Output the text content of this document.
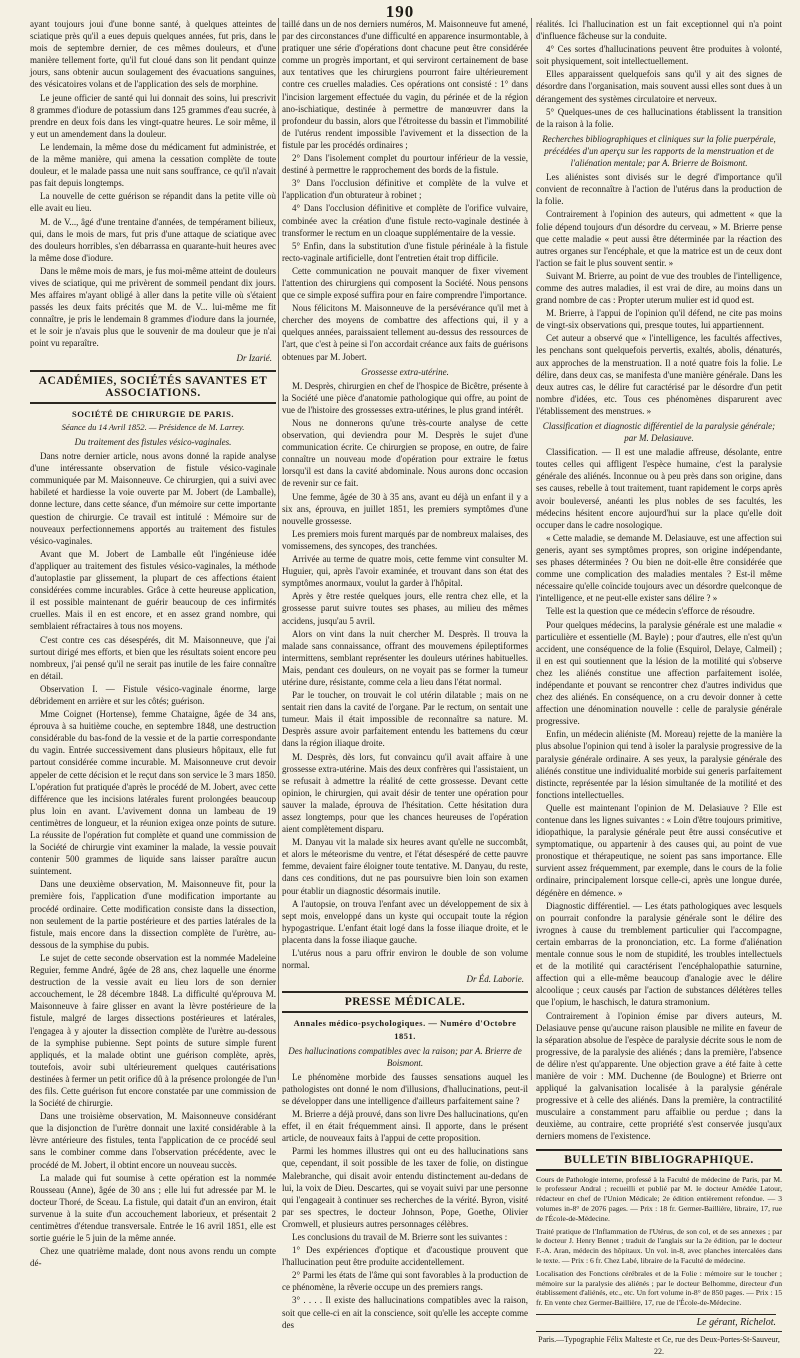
190

ayant toujours joui d'une bonne santé, à quelques atteintes de sciatique près qu'il a eues depuis quelques années, fut pris, dans le mois de septembre dernier, de ces mêmes douleurs, et d'une manière tellement forte, qu'il fut cloué dans son lit pendant quinze jours, sans obtenir aucun soulagement des évacuations sanguines, des vésicatoires volans et de l'application des sels de morphine.

Le jeune officier de santé qui lui donnait des soins, lui prescrivit 8 grammes d'iodure de potassium dans 125 grammes d'eau sucrée, à prendre en deux fois dans les vingt-quatre heures. Le soir même, il y eut un amendement dans la douleur.

Le lendemain, la même dose du médicament fut administrée, et de la même manière, qui amena la cessation complète de toute douleur, et le malade passa une nuit sans souffrance, ce qu'il n'avait pas fait depuis longtemps.

La nouvelle de cette guérison se répandit dans la petite ville où elle avait eu lieu.

M. de V..., âgé d'une trentaine d'années, de tempérament bilieux, qui, dans le mois de mars, fut pris d'une attaque de sciatique avec des douleurs horribles, s'en débarrassa en quarante-huit heures avec la même dose d'iodure.

Dans le même mois de mars, je fus moi-même atteint de douleurs vives de sciatique, qui me privèrent de sommeil pendant dix jours. Mes affaires m'ayant obligé à aller dans la petite ville où s'étaient passés les deux faits précités que M. de V... lui-même me fit connaître, je pris le lendemain 8 grammes d'iodure dans la journée, et le soir je n'avais plus que le souvenir de ma douleur que je n'ai point vu reparaître.

Dr Izarié.
ACADÉMIES, SOCIÉTÉS SAVANTES ET ASSOCIATIONS.
SOCIÉTÉ DE CHIRURGIE DE PARIS.
Séance du 14 Avril 1852. — Présidence de M. Larrey.
Du traitement des fistules vésico-vaginales.

Dans notre dernier article, nous avons donné la rapide analyse d'une intéressante observation de fistule vésico-vaginale communiquée par M. Maisonneuve. Ce chirurgien, qui a suivi avec habileté et hardiesse la voie ouverte par M. Jobert (de Lamballe), donne lecture, dans cette séance, d'un mémoire sur cette importante question de chirurgie. Ce travail est intitulé : Mémoire sur de nouveaux perfectionnemens apportés au traitement des fistules vésico-vaginales.

Avant que M. Jobert de Lamballe eût l'ingénieuse idée d'appliquer au traitement des fistules vésico-vaginales, la méthode d'autoplastie par glissement, la plupart de ces affections étaient considérées comme incurables. Grâce à cette heureuse application, il est possible maintenant de guérir beaucoup de ces infirmités cruelles. Mais il en est encore, et en assez grand nombre, qui semblaient réfractaires à tous nos moyens.

C'est contre ces cas désespérés, dit M. Maisonneuve, que j'ai surtout dirigé mes efforts, et bien que les résultats soient encore peu nombreux, j'ai pensé qu'il ne serait pas inutile de les faire connaître en détail.

Observation I. — Fistule vésico-vaginale énorme, large débridement en arrière et sur les côtés; guérison.

Mme Coignet (Hortense), femme Chataigne, âgée de 34 ans, éprouva à sa huitième couche, en septembre 1848, une destruction considérable du bas-fond de la vessie et de la partie correspondante du vagin. Entrée successivement dans plusieurs hôpitaux, elle fut partout considérée comme incurable. M. Maisonneuve crut devoir appeler de cette décision et le reçut dans son service le 3 mars 1850. L'opération fut pratiquée d'après le procédé de M. Jobert, avec cette différence que les incisions latérales furent prolongées beaucoup plus loin en avant. L'avivement donna un lambeau de 19 centimètres de longueur, et la réunion exigea onze points de suture. La réussite de l'opération fut complète et quand une commission de la Société de chirurgie vint examiner la malade, la vessie pouvait contenir 500 grammes de liquide sans laisser paraître aucun suintement.

Dans une deuxième observation, M. Maisonneuve fit, pour la première fois, l'application d'une modification importante au procédé ordinaire. Cette modification consiste dans la dissection, non seulement de la partie postérieure et des parties latérales de la fistule, mais encore dans la dissection complète de l'urètre, au-dessous de la symphise du pubis.

Le sujet de cette seconde observation est la nommée Madeleine Reguier, femme André, âgée de 28 ans, chez laquelle une énorme destruction de la vessie avait eu lieu lors de son dernier accouchement, le 28 décembre 1848. La difficulté qu'éprouva M. Maisonneuve à faire glisser en avant la lèvre postérieure de la fistule, malgré de larges dissections postérieures et latérales, l'engagea à y ajouter la dissection complète de l'urètre au-dessous de la symphise pubienne. Sept points de suture simple furent appliqués, et la malade obtint une guérison complète, après, toutefois, avoir subi ultérieurement quelques cautérisations destinées à fermer un petit orifice dû à la présence prolongée de l'un des fils. Cette guérison fut encore constatée par une commission de la Société de chirurgie.

Dans une troisième observation, M. Maisonneuve considérant que la disjonction de l'urètre donnait une laxité considérable à la lèvre antérieure des fistules, tenta l'application de ce procédé seul sans le combiner comme dans l'observation précédente, avec le procédé de M. Jobert, il obtint encore un nouveau succès.

La malade qui fut soumise à cette opération est la nommée Rousseau (Anne), âgée de 30 ans ; elle lui fut adressée par M. le docteur Thoré, de Sceau. La fistule, qui datait d'un an environ, était survenue à la suite d'un accouchement laborieux, et présentait 2 centimètres d'étendue transversale. Entrée le 16 avril 1851, elle est sortie guérie le 5 juin de la même année.

Chez une quatrième malade, dont nous avons rendu un compte dé-

taillé dans un de nos derniers numéros, M. Maisonneuve fut amené, par des circonstances d'une difficulté en apparence insurmontable, à pratiquer une série d'opérations dont chacune peut être considérée comme un progrès important, et qui serviront certainement de base aux tentatives que les chirurgiens pourront faire ultérieurement contre ces cruelles maladies. Ces opérations ont consisté : 1° dans l'incision largement effectuée du vagin, du périnée et de la région ano-ischiatique, destinée à permettre de manœuvrer dans la profondeur du bassin, alors que l'étroitesse du bassin et l'immobilité de l'utérus rendent impossible l'avivement et la dissection de la fistule par les procédés ordinaires ;

2° Dans l'isolement complet du pourtour inférieur de la vessie, destiné à permettre le rapprochement des bords de la fistule.

3° Dans l'occlusion définitive et complète de la vulve et l'application d'un obturateur à robinet ;

4° Dans l'occlusion définitive et complète de l'orifice vulvaire, combinée avec la création d'une fistule recto-vaginale destinée à transformer le rectum en un cloaque supplémentaire de la vessie.

5° Enfin, dans la substitution d'une fistule périnéale à la fistule recto-vaginale artificielle, dont l'entretien était trop difficile.

Cette communication ne pouvait manquer de fixer vivement l'attention des chirurgiens qui composent la Société. Nous pensons que ce simple exposé suffira pour en faire comprendre l'importance.

Nous félicitons M. Maisonneuve de la persévérance qu'il met à chercher des moyens de combattre des affections qui, il y a quelques années, paraissaient tellement au-dessus des ressources de l'art, que c'est à peine si l'on accordait créance aux faits de guérisons obtenues par M. Jobert.

Grossesse extra-utérine.

M. Desprès, chirurgien en chef de l'hospice de Bicêtre, présente à la Société une pièce d'anatomie pathologique qui offre, au point de vue de l'histoire des grossesses extra-utérines, le plus grand intérêt.

Nous ne donnerons qu'une très-courte analyse de cette observation, qui deviendra pour M. Desprès le sujet d'une communication écrite. Ce chirurgien se propose, en outre, de faire connaître un nouveau mode d'opération pour extraire le fœtus lorsqu'il est dans la cavité abdominale. Nous aurons donc occasion de revenir sur ce fait.

Une femme, âgée de 30 à 35 ans, avant eu déjà un enfant il y a six ans, éprouva, en juillet 1851, les premiers symptômes d'une nouvelle grossesse.

Les premiers mois furent marqués par de nombreux malaises, des vomissemens, des syncopes, des tranchées.

Arrivée au terme de quatre mois, cette femme vint consulter M. Huguier, qui, après l'avoir examinée, et trouvant dans son état des symptômes anormaux, voulut la garder à l'hôpital.

Après y être restée quelques jours, elle rentra chez elle, et la grossesse parut suivre toutes ses phases, au milieu des mêmes accidens, jusqu'au 5 avril.

Alors on vint dans la nuit chercher M. Desprès. Il trouva la malade sans connaissance, offrant des mouvemens épileptiformes intermittens, semblant représenter les douleurs utérines habituelles. Mais, pendant ces douleurs, on ne voyait pas se former la tumeur utérine dure, résistante, comme cela a lieu dans l'état normal.

Par le toucher, on trouvait le col utérin dilatable ; mais on ne sentait rien dans la cavité de l'organe. Par le rectum, on sentait une tumeur. Mais il était impossible de reconnaître sa nature. M. Desprès assure avoir parfaitement entendu les battemens du cœur dans la région iliaque droite.

M. Desprès, dès lors, fut convaincu qu'il avait affaire à une grossesse extra-utérine. Mais des deux confrères qui l'assistaient, un se refusait à admettre la réalité de cette grossesse. Devant cette opinion, le chirurgien, qui avait désir de tenter une opération pour sauver la malade, éprouva de l'hésitation. Cette hésitation dura assez longtemps, pour que les chances heureuses de l'opération aient complètement disparu.

M. Danyau vit la malade six heures avant qu'elle ne succombât, et alors le méteorisme du ventre, et l'état désespéré de cette pauvre femme, devaient faire éloigner toute tentative. M. Danyau, du reste, dans ces conditions, dut ne pas poursuivre bien loin son examen pour établir un diagnostic désormais inutile.

A l'autopsie, on trouva l'enfant avec un développement de six à sept mois, enveloppé dans un kyste qui occupait toute la région hypogastrique. L'enfant était logé dans la fosse iliaque droite, et le placenta dans la fosse iliaque gauche.

L'utérus nous a paru offrir environ le double de son volume normal.

Dr Éd. Laborie.
PRESSE MÉDICALE.
Annales médico-psychologiques. — Numéro d'Octobre 1851.
Des hallucinations compatibles avec la raison; par A. Brierre de Boismont.

Le phénomène morbide des fausses sensations auquel les pathologistes ont donné le nom d'illusions, d'hallucinations, peut-il se développer dans une intelligence d'ailleurs parfaitement saine ?

M. Brierre a déjà prouvé, dans son livre Des hallucinations, qu'en effet, il en était fréquemment ainsi. Il apporte, dans le présent article, de nouveaux faits à l'appui de cette proposition.

Parmi les hommes illustres qui ont eu des hallucinations sans que, cependant, il soit possible de les taxer de folie, on distingue Malebranche, qui disait avoir entendu distinctement au-dedans de lui, la voix de Dieu. Descartes, qui se voyait suivi par une personne qui l'engageait à continuer ses recherches de la vérité. Byron, visité par ses spectres, le docteur Johnson, Pope, Goethe, Olivier Cromwell, et plusieurs autres personnages célèbres.

Les conclusions du travail de M. Brierre sont les suivantes :

1° Des expériences d'optique et d'acoustique prouvent que l'hallucination peut être produite accidentellement.

2° Parmi les états de l'âme qui sont favorables à la production de ce phénomène, la rêverie occupe un des premiers rangs.

3° . . . . Il existe des hallucinations compatibles avec la raison, soit que celle-ci en ait la conscience, soit qu'elle les accepte comme des

réalités. Ici l'hallucination est un fait exceptionnel qui n'a point d'influence fâcheuse sur la conduite.

4° Ces sortes d'hallucinations peuvent être produites à volonté, soit physiquement, soit intellectuellement.

Elles apparaissent quelquefois sans qu'il y ait des signes de désordre dans l'organisation, mais souvent aussi elles sont dues à un dérangement des systèmes circulatoire et nerveux.

5° Quelques-unes de ces hallucinations établissent la transition de la raison à la folie.

Recherches bibliographiques et cliniques sur la folie puerpérale, précédées d'un aperçu sur les rapports de la menstruation et de l'aliénation mentale; par A. Brierre de Boismont.

Les aliénistes sont divisés sur le degré d'importance qu'il convient de reconnaître à l'action de l'utérus dans la production de la folie.

Contrairement à l'opinion des auteurs, qui admettent « que la folie dépend toujours d'un désordre du cerveau, » M. Brierre pense que cette maladie « peut aussi être déterminée par la réaction des autres organes sur l'encéphale, et que la matrice est un de ceux dont l'action se fait le plus souvent sentir. »

Suivant M. Brierre, au point de vue des troubles de l'intelligence, comme des autres maladies, il est vrai de dire, au moins dans un grand nombre de cas : Propter uterum mulier est id quod est.

M. Brierre, à l'appui de l'opinion qu'il défend, ne cite pas moins de vingt-six observations qui, presque toutes, lui appartiennent.

Cet auteur a observé que « l'intelligence, les facultés affectives, les penchans sont quelquefois pervertis, exaltés, abolis, dénaturés, aux approches de la menstruation. Il a noté quatre fois la folie. Le délire, dans deux cas, se manifesta d'une manière générale. Dans les deux autres cas, le délire fut caractérisé par le désordre d'un petit nombre d'idées, etc. Tous ces phénomènes disparurent avec l'établissement des menstrues. »

Classification et diagnostic différentiel de la paralysie générale; par M. Delasiauve.

Classification. — Il est une maladie affreuse, désolante, entre toutes celles qui affligent l'espèce humaine, c'est la paralysie générale des aliénés. Inconnue ou à peu près dans son origine, dans ses causes, rebelle à tout traitement, tuant rapidement le corps après avoir bouleversé, anéanti les plus nobles de ses facultés, les médecins hésitent encore aujourd'hui sur la place qu'elle doit occuper dans le cadre nosologique.

« Cette maladie, se demande M. Delasiauve, est une affection sui generis, ayant ses symptômes propres, son origine indépendante, ses phases déterminées ? Ou bien ne doit-elle être considérée que comme une complication des maladies mentales ? Est-il même nécessaire qu'elle coïncide toujours avec un désordre quelconque de l'intelligence, et ne peut-elle exister sans délire ? »

Telle est la question que ce médecin s'efforce de résoudre.

Pour quelques médecins, la paralysie générale est une maladie « particulière et essentielle (M. Bayle) ; pour d'autres, elle n'est qu'un accident, une conséquence de la folie (Esquirol, Delaye, Calmeil) ; il en est qui soutiennent que la lésion de la motilité qui s'observe chez les aliénés constitue une affection parfaitement isolée, indépendante et pouvant se rencontrer chez d'autres individus que chez des aliénés. En conséquence, on a cru devoir donner à cette affection une dénomination nouvelle : celle de paralysie générale progressive.

Enfin, un médecin aliéniste (M. Moreau) rejette de la manière la plus absolue l'opinion qui tend à isoler la paralysie progressive de la paralysie générale ordinaire. A ses yeux, la paralysie générale des aliénés constitue une individualité morbide sui generis parfaitement distincte, représentée par la lésion simultanée de la motilité et des fonctions intellectuelles.

Quelle est maintenant l'opinion de M. Delasiauve ? Elle est contenue dans les lignes suivantes : « Loin d'être toujours primitive, idiopathique, la paralysie générale peut être aussi consécutive et symptomatique, ou appartenir à des causes qui, au point de vue pronostique et thérapeutique, ne soient pas sans importance. Elle survient assez fréquemment, par exemple, dans le cours de la folie ordinaire, principalement lorsque celle-ci, après une longue durée, dégénère en démence. »

Diagnostic différentiel. — Les états pathologiques avec lesquels on pourrait confondre la paralysie générale sont le délire des ivrognes à cause du tremblement particulier qui l'accompagne, certain embarras de la prononciation, etc. La forme d'aliénation mentale connue sous le nom de stupidité, les troubles intellectuels et de la motilité qui caractérisent l'encéphalopathie saturnine, affection qui a elle-même beaucoup d'analogie avec le délire alcoolique ; ceux causés par l'action de substances délétères telles que l'opium, le haschisch, le datura stramonium.

Contrairement à l'opinion émise par divers auteurs, M. Delasiauve pense qu'aucune raison plausible ne milite en faveur de la séparation absolue de l'espèce de paralysie décrite sous le nom de progressive, de la paralysie des aliénés ; dans la première, l'absence de délire n'est qu'apparente. Une objection grave a été faite à cette manière de voir : MM. Duchenne (de Boulogne) et Brierre ont appliqué la galvanisation localisée à la paralysie générale progressive et à celle des aliénés. Dans la première, la contractilité musculaire a constamment paru affaiblie ou perdue ; dans la deuxième, au contraire, cette propriété s'est conservée jusqu'aux derniers momens de l'existence.

BULLETIN BIBLIOGRAPHIQUE.

Cours de Pathologie interne, professé à la Faculté de médecine de Paris, par M. le professeur Andral ; recueilli et publié par M. le docteur Amédée Latour, rédacteur en chef de l'Union Médicale; 2e édition entièrement refondue. — 3 volumes in-8° de 2076 pages. — Prix : 18 fr. Germer-Baillière, libraire, 17, rue de l'École-de-Médecine.

Traité pratique de l'Inflammation de l'Utérus, de son col, et de ses annexes ; par le docteur J. Henry Bennet ; traduit de l'anglais sur la 2e édition, par le docteur F.-A. Aran, médecin des hôpitaux. Un vol. in-8, avec planches intercalées dans le texte. — Prix : 6 fr. Chez Labé, libraire de la Faculté de médecine.

Localisation des Fonctions cérébrales et de la Folie : mémoire sur le toucher ; mémoire sur la paralysie des aliénés ; par le docteur Belhomme, directeur d'un établissement d'aliénés, etc., etc. Un fort volume in-8° de 850 pages. — Prix : 15 fr. En vente chez Germer-Baillière, 17, rue de l'École-de-Médecine.

Le gérant, Richelot.
Paris.—Typographie Félix Malteste et Ce, rue des Deux-Portes-St-Sauveur, 22.
